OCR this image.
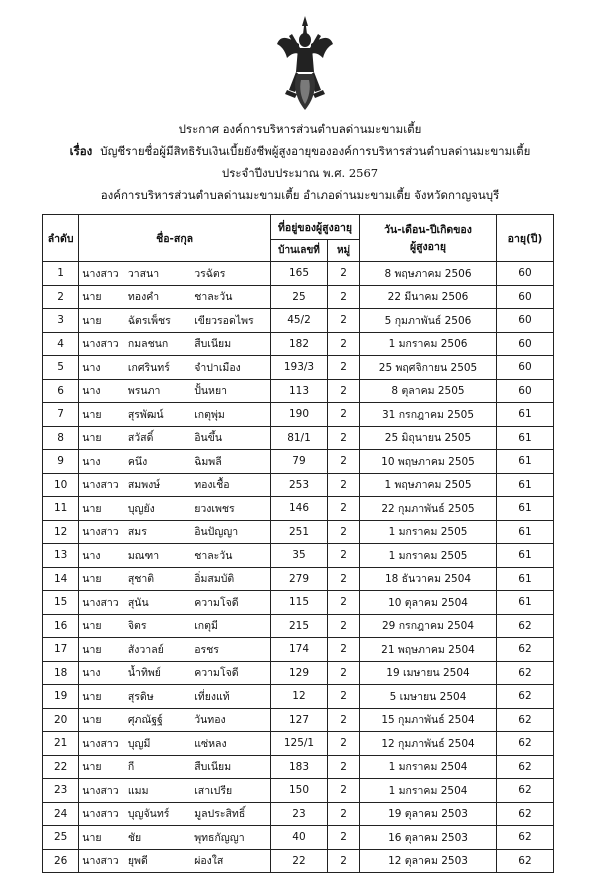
ประกาศ องค์การบริหารส่วนตำบลด่านมะขามเตี้ย
เรื่อง บัญชีรายชื่อผู้มีสิทธิรับเงินเบี้ยยังชีพผู้สูงอายุขององค์การบริหารส่วนตำบลด่านมะขามเตี้ย
ประจำปีงบประมาณ พ.ศ. 2567
องค์การบริหารส่วนตำบลด่านมะขามเตี้ย อำเภอด่านมะขามเตี้ย จังหวัดกาญจนบุรี
ลำดับ	ชื่อ-สกุล			ที่อยู่ของผู้สูงอายุ		วัน-เดือน-ปีเกิดของ
ผู้สูงอายุ	อายุ(ปี)
				บ้านเลขที่	หมู่		
1	นางสาว	วาสนา	วรฉัตร	165	2	8 พฤษภาคม 2506	60
2	นาย	ทองคำ	ชาละวัน	25	2	22 มีนาคม 2506	60
3	นาย	ฉัตรเพ็ชร	เขียวรอดไพร	45/2	2	5 กุมภาพันธ์ 2506	60
4	นางสาว	กมลชนก	สืบเนียม	182	2	1 มกราคม 2506	60
5	นาง	เกศรินทร์	จำปาเมือง	193/3	2	25 พฤศจิกายน 2505	60
6	นาง	พรนภา	ปั้นหยา	113	2	8 ตุลาคม 2505	60
7	นาย	สุรพัฒน์	เกตุพุ่ม	190	2	31 กรกฎาคม 2505	61
8	นาย	สวัสดิ์	อินขึ้น	81/1	2	25 มิถุนายน 2505	61
9	นาง	คนึง	ฉิมพลี	79	2	10 พฤษภาคม 2505	61
10	นางสาว	สมพงษ์	ทองเชื้อ	253	2	1 พฤษภาคม 2505	61
11	นาย	บุญยัง	ยวงเพชร	146	2	22 กุมภาพันธ์ 2505	61
12	นางสาว	สมร	อินปัญญา	251	2	1 มกราคม 2505	61
13	นาง	มณฑา	ชาละวัน	35	2	1 มกราคม 2505	61
14	นาย	สุชาติ	อิ่มสมบัติ	279	2	18 ธันวาคม 2504	61
15	นางสาว	สุนัน	ความโจดี	115	2	10 ตุลาคม 2504	61
16	นาย	จิตร	เกตุมี	215	2	29 กรกฎาคม 2504	62
17	นาย	สังวาลย์	อรชร	174	2	21 พฤษภาคม 2504	62
18	นาง	น้ำทิพย์	ความโจดี	129	2	19 เมษายน 2504	62
19	นาย	สุรดิษ	เที่ยงแท้	12	2	5 เมษายน 2504	62
20	นาย	ศุภณัฐฐ์	วันทอง	127	2	15 กุมภาพันธ์ 2504	62
21	นางสาว	บุญมี	แซ่หลง	125/1	2	12 กุมภาพันธ์ 2504	62
22	นาย	กี	สืบเนียม	183	2	1 มกราคม 2504	62
23	นางสาว	แมม	เสาเปรีย	150	2	1 มกราคม 2504	62
24	นางสาว	บุญจันทร์	มูลประสิทธิ์	23	2	19 ตุลาคม 2503	62
25	นาย	ชัย	พุทธกัญญา	40	2	16 ตุลาคม 2503	62
26	นางสาว	ยุพดี	ผ่องใส	22	2	12 ตุลาคม 2503	62
